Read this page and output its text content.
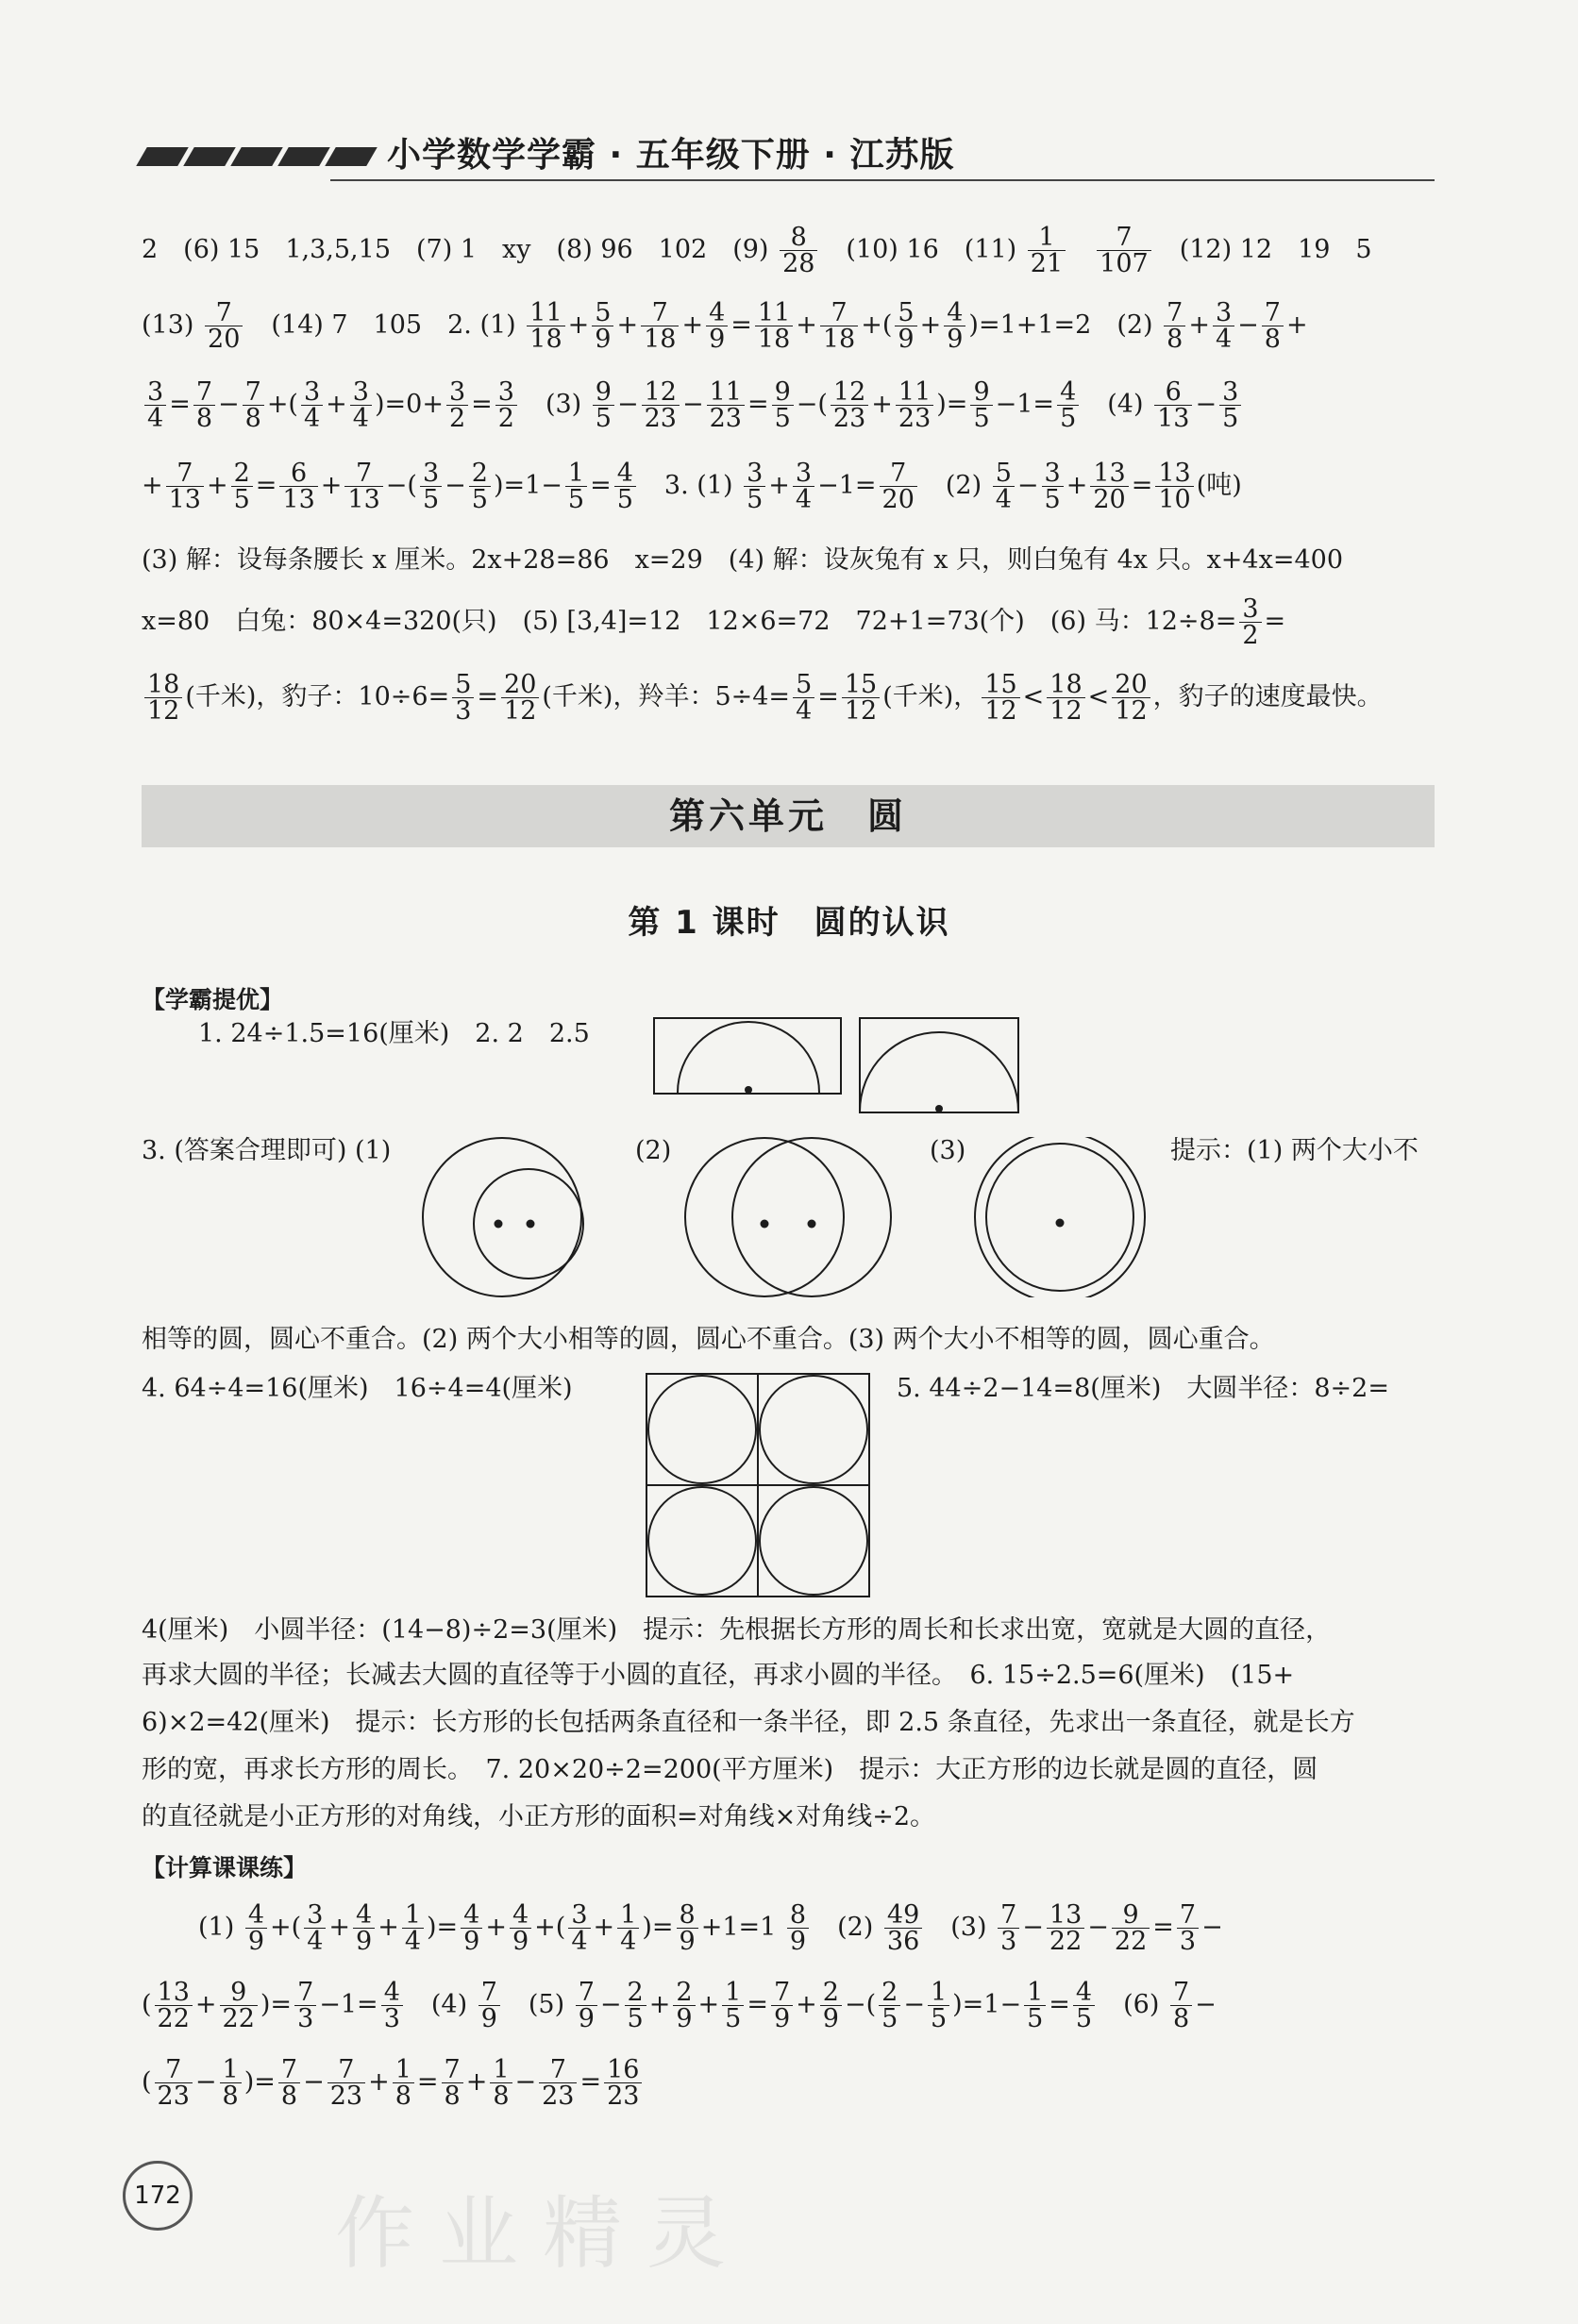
小学数学学霸 · 五年级下册 · 江苏版
2　(6) 15　1,3,5,15　(7) 1　xy　(8) 96　102　$(9) \frac{8}{28}$ 　(10) 16　$(11) \frac{1}{21}$
　 $\frac{7}{107}$ 　(12) 12　19　5
$(13) \frac{7}{20}$ 　(14) 7　105　2. $(1) \frac{11}{18} + \frac{5}{9} + \frac{7}{18} + \frac{4}{9} = \frac{11}{18} + \frac{7}{18}$ +( $\frac{5}{9} + \frac{4}{9} )=1+1=2$　$(2) \frac{7}{8} + \frac{3}{4} - \frac{7}{8}$ +
$\frac{3}{4} = \frac{7}{8} - \frac{7}{8}$ +( $\frac{3}{4} + \frac{3}{4} )=0+ \frac{3}{2} = \frac{3}{2}$ 　$(3) \frac{9}{5} - \frac{12}{23} - \frac{11}{23} = \frac{9}{5}$ −( $\frac{12}{23} + \frac{11}{23}$ )= $\frac{9}{5} -1= \frac{4}{5}$ 　$(4) \frac{6}{13} - \frac{3}{5}$
+ $\frac{7}{13} + \frac{2}{5} = \frac{6}{13} + \frac{7}{13}$ −( $\frac{3}{5} - \frac{2}{5} )=1- \frac{1}{5} = \frac{4}{5}$
　 3. $(1) \frac{3}{5} + \frac{3}{4} -1= \frac{7}{20}$ 　$(2) \frac{5}{4} - \frac{3}{5} + \frac{13}{20} = \frac{13}{10}$ (吨)
(3) 解：设每条腰长 x 厘米。2x+28=86　x=29　(4) 解：设灰兔有 x 只，则白兔有 4x 只。x+4x=400
x=80　白兔：80×4=320(只)　(5) [3,4]=12　12×6=72　72+1=73(个)　(6) 马：$12\div 8= \frac{3}{2}$ =
$\frac{18}{12}$ (千米)，豹子：$10\div 6= \frac{5}{3} = \frac{20}{12}$ (千米)，羚羊：$5\div 4= \frac{5}{4} = \frac{15}{12}$ (千米)， $\frac{15}{12} < \frac{18}{12} < \frac{20}{12}$ ，豹子的速度最快。
第六单元　圆
第 1 课时　圆的认识
【学霸提优】
1. 24÷1.5=16(厘米)　2. 2　2.5
3. (答案合理即可) (1)	(2)	(3)	提示：(1) 两个大小不
相等的圆，圆心不重合。(2) 两个大小相等的圆，圆心不重合。(3) 两个大小不相等的圆，圆心重合。
4. 64÷4=16(厘米)　16÷4=4(厘米)	5. 44÷2−14=8(厘米)　大圆半径：8÷2=
4(厘米)　小圆半径：(14−8)÷2=3(厘米)　提示：先根据长方形的周长和长求出宽，宽就是大圆的直径，
再求大圆的半径；长减去大圆的直径等于小圆的直径，再求小圆的半径。　6. 15÷2.5=6(厘米)　(15+
6)×2=42(厘米)　提示：长方形的长包括两条直径和一条半径，即 2.5 条直径，先求出一条直径，就是长方
形的宽，再求长方形的周长。　7. 20×20÷2=200(平方厘米)　提示：大正方形的边长就是圆的直径，圆
的直径就是小正方形的对角线，小正方形的面积=对角线×对角线÷2。
【计算课课练】
$(1) \frac{4}{9}$ +( $\frac{3}{4} + \frac{4}{9} + \frac{1}{4}$ )= $\frac{4}{9} + \frac{4}{9}$ +( $\frac{3}{4} + \frac{1}{4}$ )= $\frac{8}{9} +1=1 \frac{8}{9}$ 　$(2) \frac{49}{36}$ 　$(3) \frac{7}{3} - \frac{13}{22} - \frac{9}{22} = \frac{7}{3}$ −
( $\frac{13}{22} + \frac{9}{22}$ )= $\frac{7}{3} -1= \frac{4}{3}$ 　$(4) \frac{7}{9}$ 　$(5) \frac{7}{9} - \frac{2}{5} + \frac{2}{9} + \frac{1}{5} = \frac{7}{9} + \frac{2}{9}$ −( $\frac{2}{5} - \frac{1}{5} )=1- \frac{1}{5} = \frac{4}{5}$ 　$(6) \frac{7}{8}$ −
( $\frac{7}{23} - \frac{1}{8}$ )= $\frac{7}{8} - \frac{7}{23} + \frac{1}{8} = \frac{7}{8} + \frac{1}{8} - \frac{7}{23} = \frac{16}{23}$
172 作业精灵
